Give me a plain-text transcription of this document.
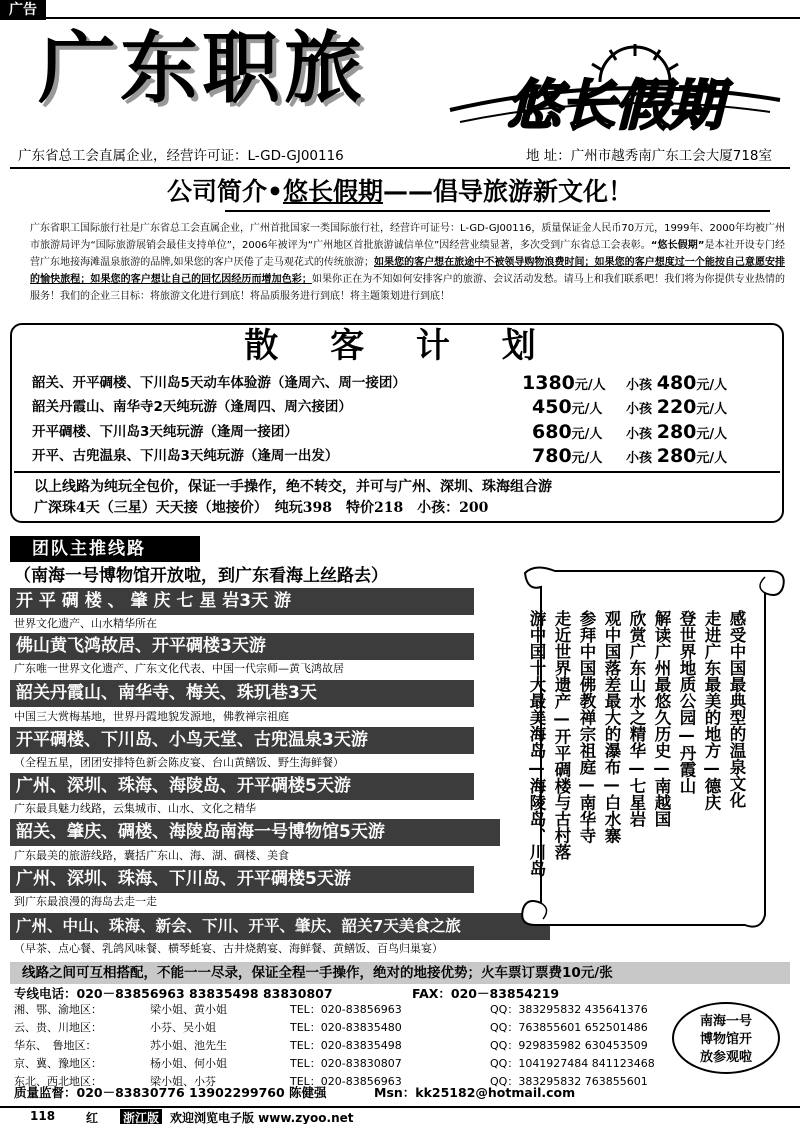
广告
广东职旅	悠长假期
广东省总工会直属企业，经营许可证：L-GD-GJ00116	地 址：广州市越秀南广东工会大厦718室
公司简介•悠长假期——倡导旅游新文化！
广东省职工国际旅行社是广东省总工会直属企业，广州首批国家一类国际旅行社，经营许可证号：L-GD-GJ00116，质量保证金人民币70万元，1999年、2000年均被广州市旅游局评为“国际旅游展销会最佳支持单位”，2006年被评为“广州地区首批旅游诚信单位”因经营业绩显著，多次受到广东省总工会表彰。“悠长假期”是本社开设专门经营广东地接海滩温泉旅游的品牌,如果您的客户厌倦了走马观花式的传统旅游；如果您的客户想在旅途中不被领导购物浪费时间；如果您的客户想度过一个能按自己意愿安排的愉快旅程；如果您的客户想让自己的回忆因经历而增加色彩；如果你正在为不知如何安排客户的旅游、会议活动发愁。请马上和我们联系吧！我们将为你提供专业热情的服务！我们的企业三目标：将旅游文化进行到底！将品质服务进行到底！将主题策划进行到底！
散 客 计 划
韶关、开平碉楼、下川岛5天动车体验游（逢周六、周一接团）	1380元/人 小孩 480元/人
韶关丹霞山、南华寺2天纯玩游（逢周四、周六接团）	450元/人 小孩 220元/人
开平碉楼、下川岛3天纯玩游（逢周一接团）	680元/人 小孩 280元/人
开平、古兜温泉、下川岛3天纯玩游（逢周一出发）	780元/人 小孩 280元/人
以上线路为纯玩全包价，保证一手操作，绝不转交，并可与广州、深圳、珠海组合游
广深珠4天（三星）天天接（地接价）　纯玩398　特价218　小孩：200
团队主推线路
（南海一号博物馆开放啦，到广东看海上丝路去）
开 平 碉 楼 、 肇 庆 七 星 岩3天 游
世界文化遗产、山水精华所在
佛山黄飞鸿故居、开平碉楼3天游
广东唯一世界文化遗产、广东文化代表、中国一代宗师—黄飞鸿故居
韶关丹霞山、南华寺、梅关、珠玑巷3天
中国三大赏梅基地，世界丹霞地貌发源地，佛教禅宗祖庭
开平碉楼、下川岛、小鸟天堂、古兜温泉3天游
（全程五星，团团安排特色新会陈皮宴、台山黄鳝饭、野生海鲜餐）
广州、深圳、珠海、海陵岛、开平碉楼5天游
广东最具魅力线路，云集城市、山水、文化之精华
韶关、肇庆、碉楼、海陵岛南海一号博物馆5天游
广东最美的旅游线路，囊括广东山、海、湖、碉楼、美食
广州、深圳、珠海、下川岛、开平碉楼5天游
到广东最浪漫的海岛去走一走
广州、中山、珠海、新会、下川、开平、肇庆、韶关7天美食之旅
（早茶、点心餐、乳鸽风味餐、横琴蚝宴、古井烧鹅宴、海鲜餐、黄鳝饭、百鸟归巢宴）
感受中国最典型的温泉文化
走进广东最美的地方—德庆
登世界地质公园—丹霞山
解读广州最悠久历史—南越国
欣赏广东山水之精华—七星岩
观中国落差最大的瀑布—白水寨
参拜中国佛教禅宗祖庭—南华寺
走近世界遗产—开平碉楼与古村落
游中国十大最美海岛—海陵岛、川岛
线路之间可互相搭配，不能一一尽录，保证全程一手操作，绝对的地接优势；火车票订票费10元/张
专线电话：020－83856963 83835498 83830807	FAX：020－83854219
湘、鄂、渝地区：	梁小姐、黄小姐	TEL：020-83856963	QQ：383295832 435641376
云、贵、川地区：	小芬、吴小姐	TEL：020-83835480	QQ：763855601 652501486
华东、　鲁地区：	苏小姐、池先生	TEL：020-83835498	QQ：929835982 630453509
京、冀、豫地区：	杨小姐、何小姐	TEL：020-83830807	QQ：1041927484 841123468
东北、西北地区：	梁小姐、小芬	TEL：020-83856963	QQ：383295832 763855601
南海一号
博物馆开
放参观啦
质量监督：020－83830776 13902299760 陈健强	Msn：kk25182@hotmail.com
118	红 浙江版 欢迎浏览电子版 www.zyoo.net
